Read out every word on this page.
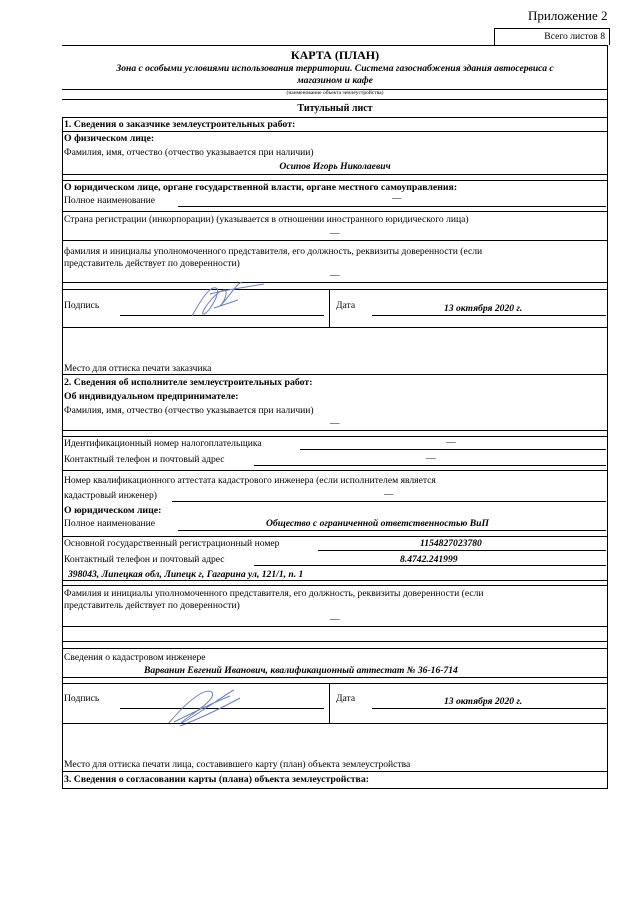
Приложение 2
Всего листов 8
КАРТА (ПЛАН)
Зона с особыми условиями использования территории. Система газоснабжения здания автосервиса с
магазином и кафе
(наименование объекта землеустройства)
Титульный лист
1. Сведения о заказчике землеустроительных работ:
О физическом лице:
Фамилия, имя, отчество (отчество указывается при наличии)
Осипов Игорь Николаевич
О юридическом лице, органе государственной власти, органе местного самоуправления:
Полное наименование	—
Страна регистрации (инкорпорации) (указывается в отношении иностранного юридического лица)
—
фамилия и инициалы уполномоченного представителя, его должность, реквизиты доверенности (если
представитель действует по доверенности)
—
Подпись	Дата	13 октября 2020 г.
Место для оттиска печати заказчика
2. Сведения об исполнителе землеустроительных работ:
Об индивидуальном предпринимателе:
Фамилия, имя, отчество (отчество указывается при наличии)
—
Идентификационный номер налогоплательщика	—
Контактный телефон и почтовый адрес	—
Номер квалификационного аттестата кадастрового инженера (если исполнителем является
кадастровый инженер)	—
О юридическом лице:
Полное наименование	Общество с ограниченной ответственностью ВиП
Основной государственный регистрационный номер	1154827023780
Контактный телефон и почтовый адрес	8.4742.241999
398043, Липецкая обл, Липецк г, Гагарина ул, 121/1, п. 1
Фамилия и инициалы уполномоченного представителя, его должность, реквизиты доверенности (если
представитель действует по доверенности)
—
Сведения о кадастровом инженере
Варванин Евгений Иванович, квалификационный аттестат № 36-16-714
Подпись	Дата	13 октября 2020 г.
Место для оттиска печати лица, составившего карту (план) объекта землеустройства
3. Сведения о согласовании карты (плана) объекта землеустройства:
